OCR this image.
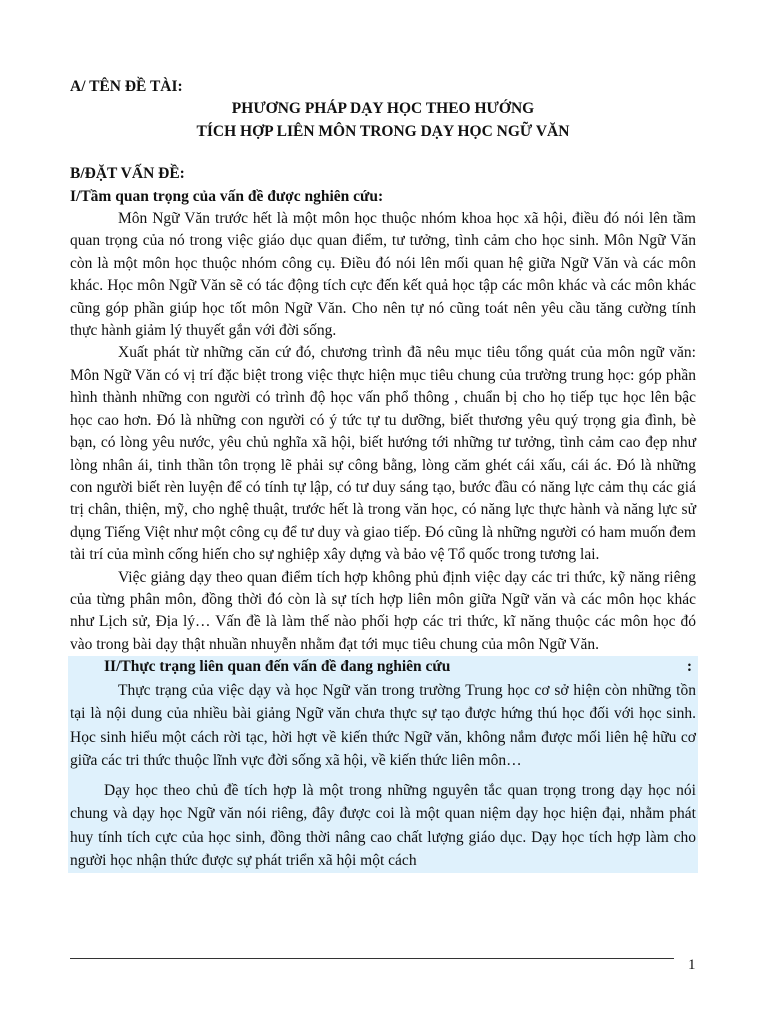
A/ TÊN ĐỀ TÀI:
PHƯƠNG PHÁP DẠY HỌC THEO HƯỚNG
TÍCH HỢP LIÊN MÔN TRONG DẠY HỌC NGỮ VĂN
B/ĐẶT VẤN ĐỀ:
I/Tầm quan trọng của vấn đề được nghiên cứu:

Môn Ngữ Văn trước hết là một môn học thuộc nhóm khoa học xã hội, điều đó nói lên tầm quan trọng của nó trong việc giáo dục quan điểm, tư tưởng, tình cảm cho học sinh. Môn Ngữ Văn còn là một môn học thuộc nhóm công cụ. Điều đó nói lên mối quan hệ giữa Ngữ Văn và các môn khác. Học môn Ngữ Văn sẽ có tác động tích cực đến kết quả học tập các môn khác và các môn khác cũng góp phần giúp học tốt môn Ngữ Văn. Cho nên tự nó cũng toát nên yêu cầu tăng cường tính thực hành giảm lý thuyết gắn với đời sống.

Xuất phát từ những căn cứ đó, chương trình đã nêu mục tiêu tổng quát của môn ngữ văn: Môn Ngữ Văn có vị trí đặc biệt trong việc thực hiện mục tiêu chung của trường trung học: góp phần hình thành những con người có trình độ học vấn phổ thông , chuẩn bị cho họ tiếp tục học lên bậc học cao hơn. Đó là những con người có ý tức tự tu dưỡng, biết thương yêu quý trọng gia đình, bè bạn, có lòng yêu nước, yêu chủ nghĩa xã hội, biết hướng tới những tư tưởng, tình cảm cao đẹp như lòng nhân ái, tinh thần tôn trọng lẽ phải sự công bằng, lòng căm ghét cái xấu, cái ác. Đó là những con người biết rèn luyện để có tính tự lập, có tư duy sáng tạo, bước đầu có năng lực cảm thụ các giá trị chân, thiện, mỹ, cho nghệ thuật, trước hết là trong văn học, có năng lực thực hành và năng lực sử dụng Tiếng Việt như một công cụ để tư duy và giao tiếp. Đó cũng là những người có ham muốn đem tài trí của mình cống hiến cho sự nghiệp xây dựng và bảo vệ Tổ quốc trong tương lai.

Việc giảng dạy theo quan điểm tích hợp không phủ định việc dạy các tri thức, kỹ năng riêng của từng phân môn, đồng thời đó còn là sự tích hợp liên môn giữa Ngữ văn và các môn học khác như Lịch sử, Địa lý… Vấn đề là làm thế nào phối hợp các tri thức, kĩ năng thuộc các môn học đó vào trong bài dạy thật nhuần nhuyễn nhằm đạt tới mục tiêu chung của môn Ngữ Văn.

II/Thực trạng liên quan đến vấn đề đang nghiên cứu	:

Thực trạng của việc dạy và học Ngữ văn trong trường Trung học cơ sở hiện còn những tồn tại là nội dung của nhiều bài giảng Ngữ văn chưa thực sự tạo được hứng thú học đối với học sinh. Học sinh hiểu một cách rời tạc, hời hợt về kiến thức Ngữ văn, không nắm được mối liên hệ hữu cơ giữa các tri thức thuộc lĩnh vực đời sống xã hội, về kiến thức liên môn…

Dạy học theo chủ đề tích hợp là một trong những nguyên tắc quan trọng trong dạy học nói chung và dạy học Ngữ văn nói riêng, đây được coi là một quan niệm dạy học hiện đại, nhằm phát huy tính tích cực của học sinh, đồng thời nâng cao chất lượng giáo dục. Dạy học tích hợp làm cho người học nhận thức được sự phát triển xã hội một cách

1
